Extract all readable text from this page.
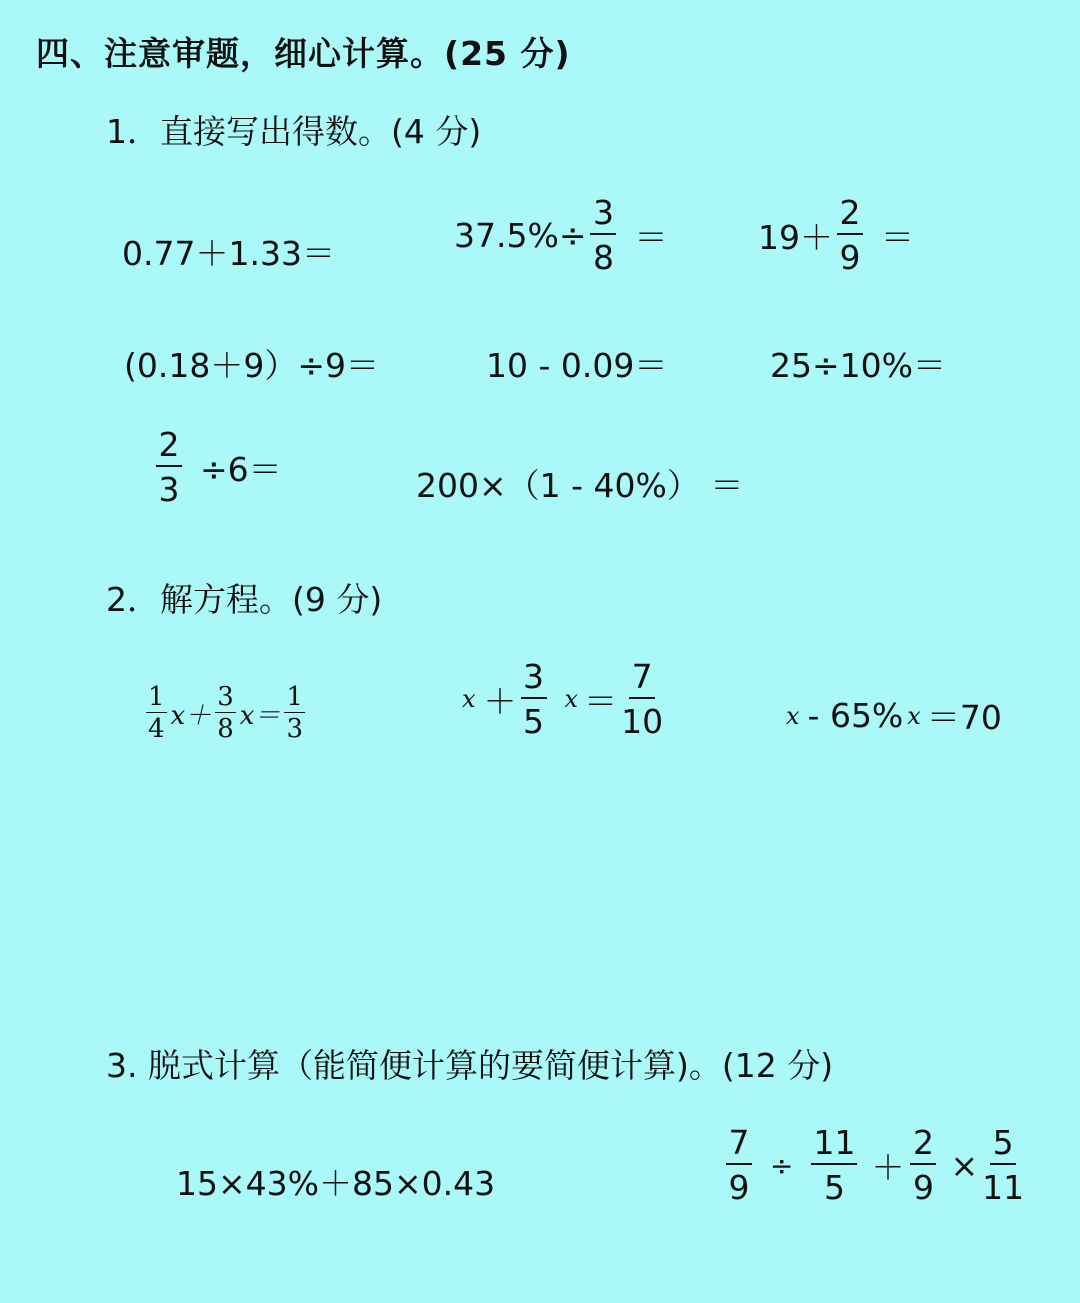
四、注意审题，细心计算。(25 分)
1．直接写出得数。(4 分)
0.77＋1.33＝	$37.5\%\div \frac{3}{8}$ ＝	$19+ \frac{2}{9}$ ＝
(0.18＋9）÷9＝	10 - 0.09＝	25÷10%＝
$\frac{2}{3} \div 6=$	200×（1 - 40%） ＝
2．解方程。(9 分)
$\frac{1}{4} x+ \frac{3}{8} x= \frac{1}{3}$	$x + \frac{3}{5}$ $x = \frac{7}{10}$	x - 65% x ＝70
3. 脱式计算（能简便计算的要简便计算)。(12 分)
15×43%＋85×0.43	$\frac{7}{9} \div \frac{11}{5} + \frac{2}{9} \times \frac{5}{11}$
